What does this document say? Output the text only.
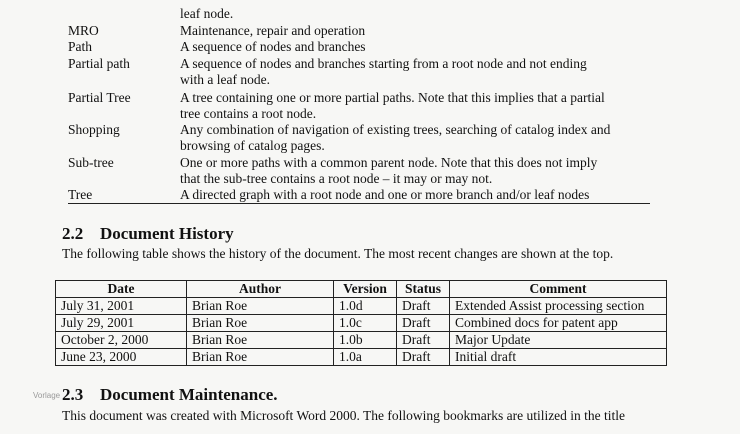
leaf node.
MRO	Maintenance, repair and operation
Path	A sequence of nodes and branches
Partial path	A sequence of nodes and branches starting from a root node and not ending
with a leaf node.
Partial Tree	A tree containing one or more partial paths. Note that this implies that a partial
tree contains a root node.
Shopping	Any combination of navigation of existing trees, searching of catalog index and
browsing of catalog pages.
Sub-tree	One or more paths with a common parent node. Note that this does not imply
that the sub-tree contains a root node – it may or may not.
Tree	A directed graph with a root node and one or more branch and/or leaf nodes
2.2 Document History
The following table shows the history of the document. The most recent changes are shown at the top.
Date	Author	Version	Status	Comment
July 31, 2001	Brian Roe	1.0d	Draft	Extended Assist processing section
July 29, 2001	Brian Roe	1.0c	Draft	Combined docs for patent app
October 2, 2000	Brian Roe	1.0b	Draft	Major Update
June 23, 2000	Brian Roe	1.0a	Draft	Initial draft
2.3 Document Maintenance.
This document was created with Microsoft Word 2000. The following bookmarks are utilized in the title
Vorlage
